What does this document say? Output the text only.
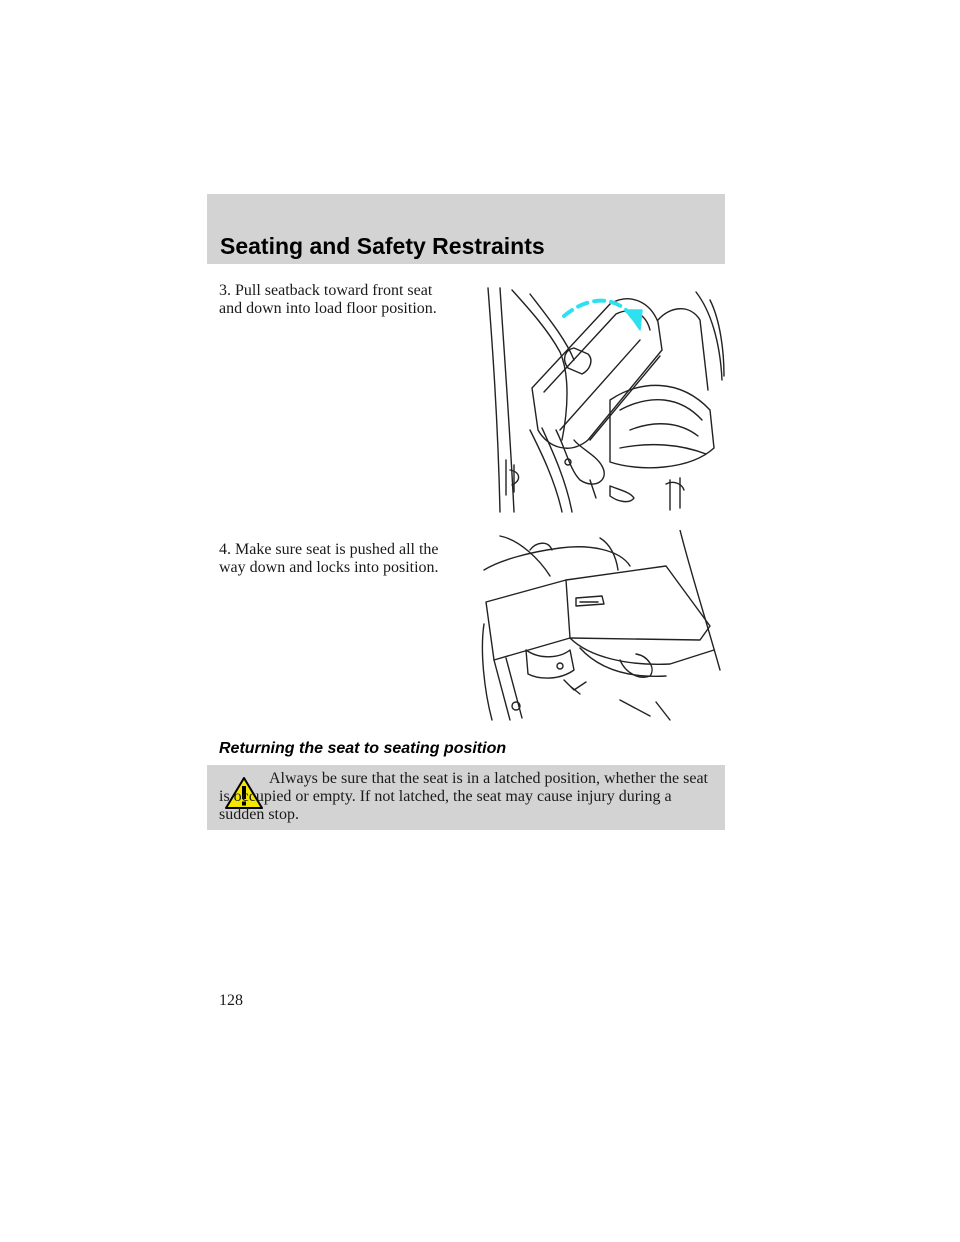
Seating and Safety Restraints

3. Pull seatback toward front seat and down into load floor position.

4. Make sure seat is pushed all the way down and locks into position.

Returning the seat to seating position

Always be sure that the seat is in a latched position, whether the seat is occupied or empty. If not latched, the seat may cause injury during a sudden stop.

128
